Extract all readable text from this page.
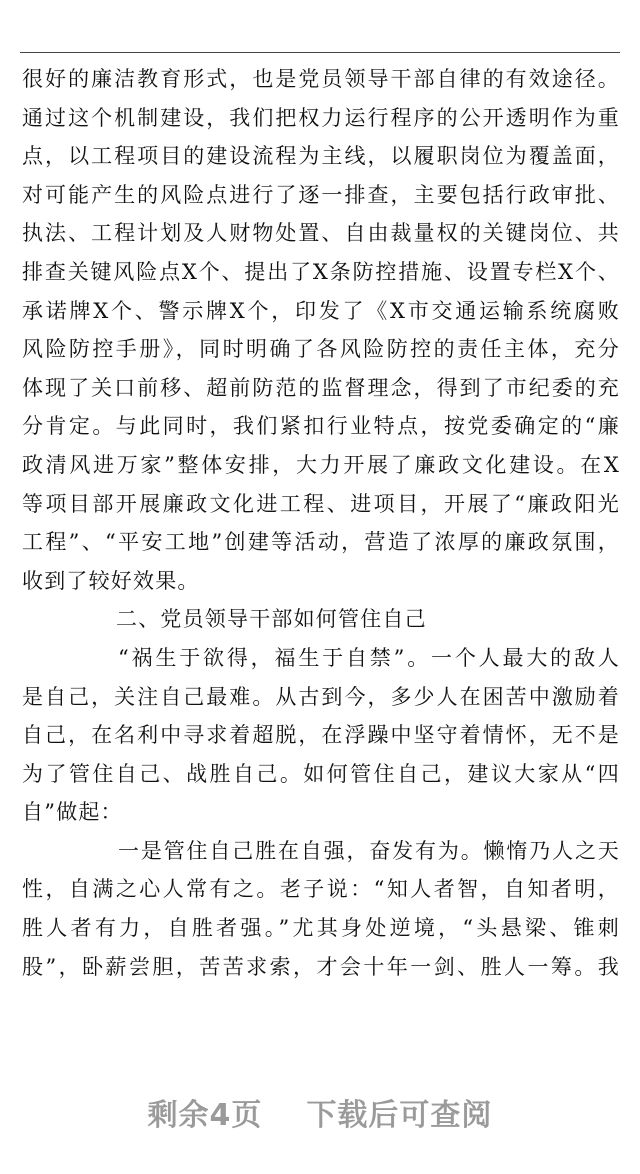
很好的廉洁教育形式，也是党员领导干部自律的有效途径。
通过这个机制建设，我们把权力运行程序的公开透明作为重
点，以工程项目的建设流程为主线，以履职岗位为覆盖面，
对可能产生的风险点进行了逐一排查，主要包括行政审批、
执法、工程计划及人财物处置、自由裁量权的关键岗位、共
排查关键风险点X个、提出了X条防控措施、设置专栏X个、
承诺牌X个、警示牌X个，印发了《X市交通运输系统腐败
风险防控手册》，同时明确了各风险防控的责任主体，充分
体现了关口前移、超前防范的监督理念，得到了市纪委的充
分肯定。与此同时，我们紧扣行业特点，按党委确定的“廉
政清风进万家”整体安排，大力开展了廉政文化建设。在X
等项目部开展廉政文化进工程、进项目，开展了“廉政阳光
工程”、“平安工地”创建等活动，营造了浓厚的廉政氛围，
收到了较好效果。
二、党员领导干部如何管住自己
“祸生于欲得，福生于自禁”。一个人最大的敌人
是自己，关注自己最难。从古到今，多少人在困苦中激励着
自己，在名利中寻求着超脱，在浮躁中坚守着情怀，无不是
为了管住自己、战胜自己。如何管住自己，建议大家从“四
自”做起：
一是管住自己胜在自强，奋发有为。懒惰乃人之天
性，自满之心人常有之。老子说：“知人者智，自知者明，
胜人者有力，自胜者强。”尤其身处逆境，“头悬梁、锥刺
股”，卧薪尝胆，苦苦求索，才会十年一剑、胜人一筹。我
剩余4页 下载后可查阅
